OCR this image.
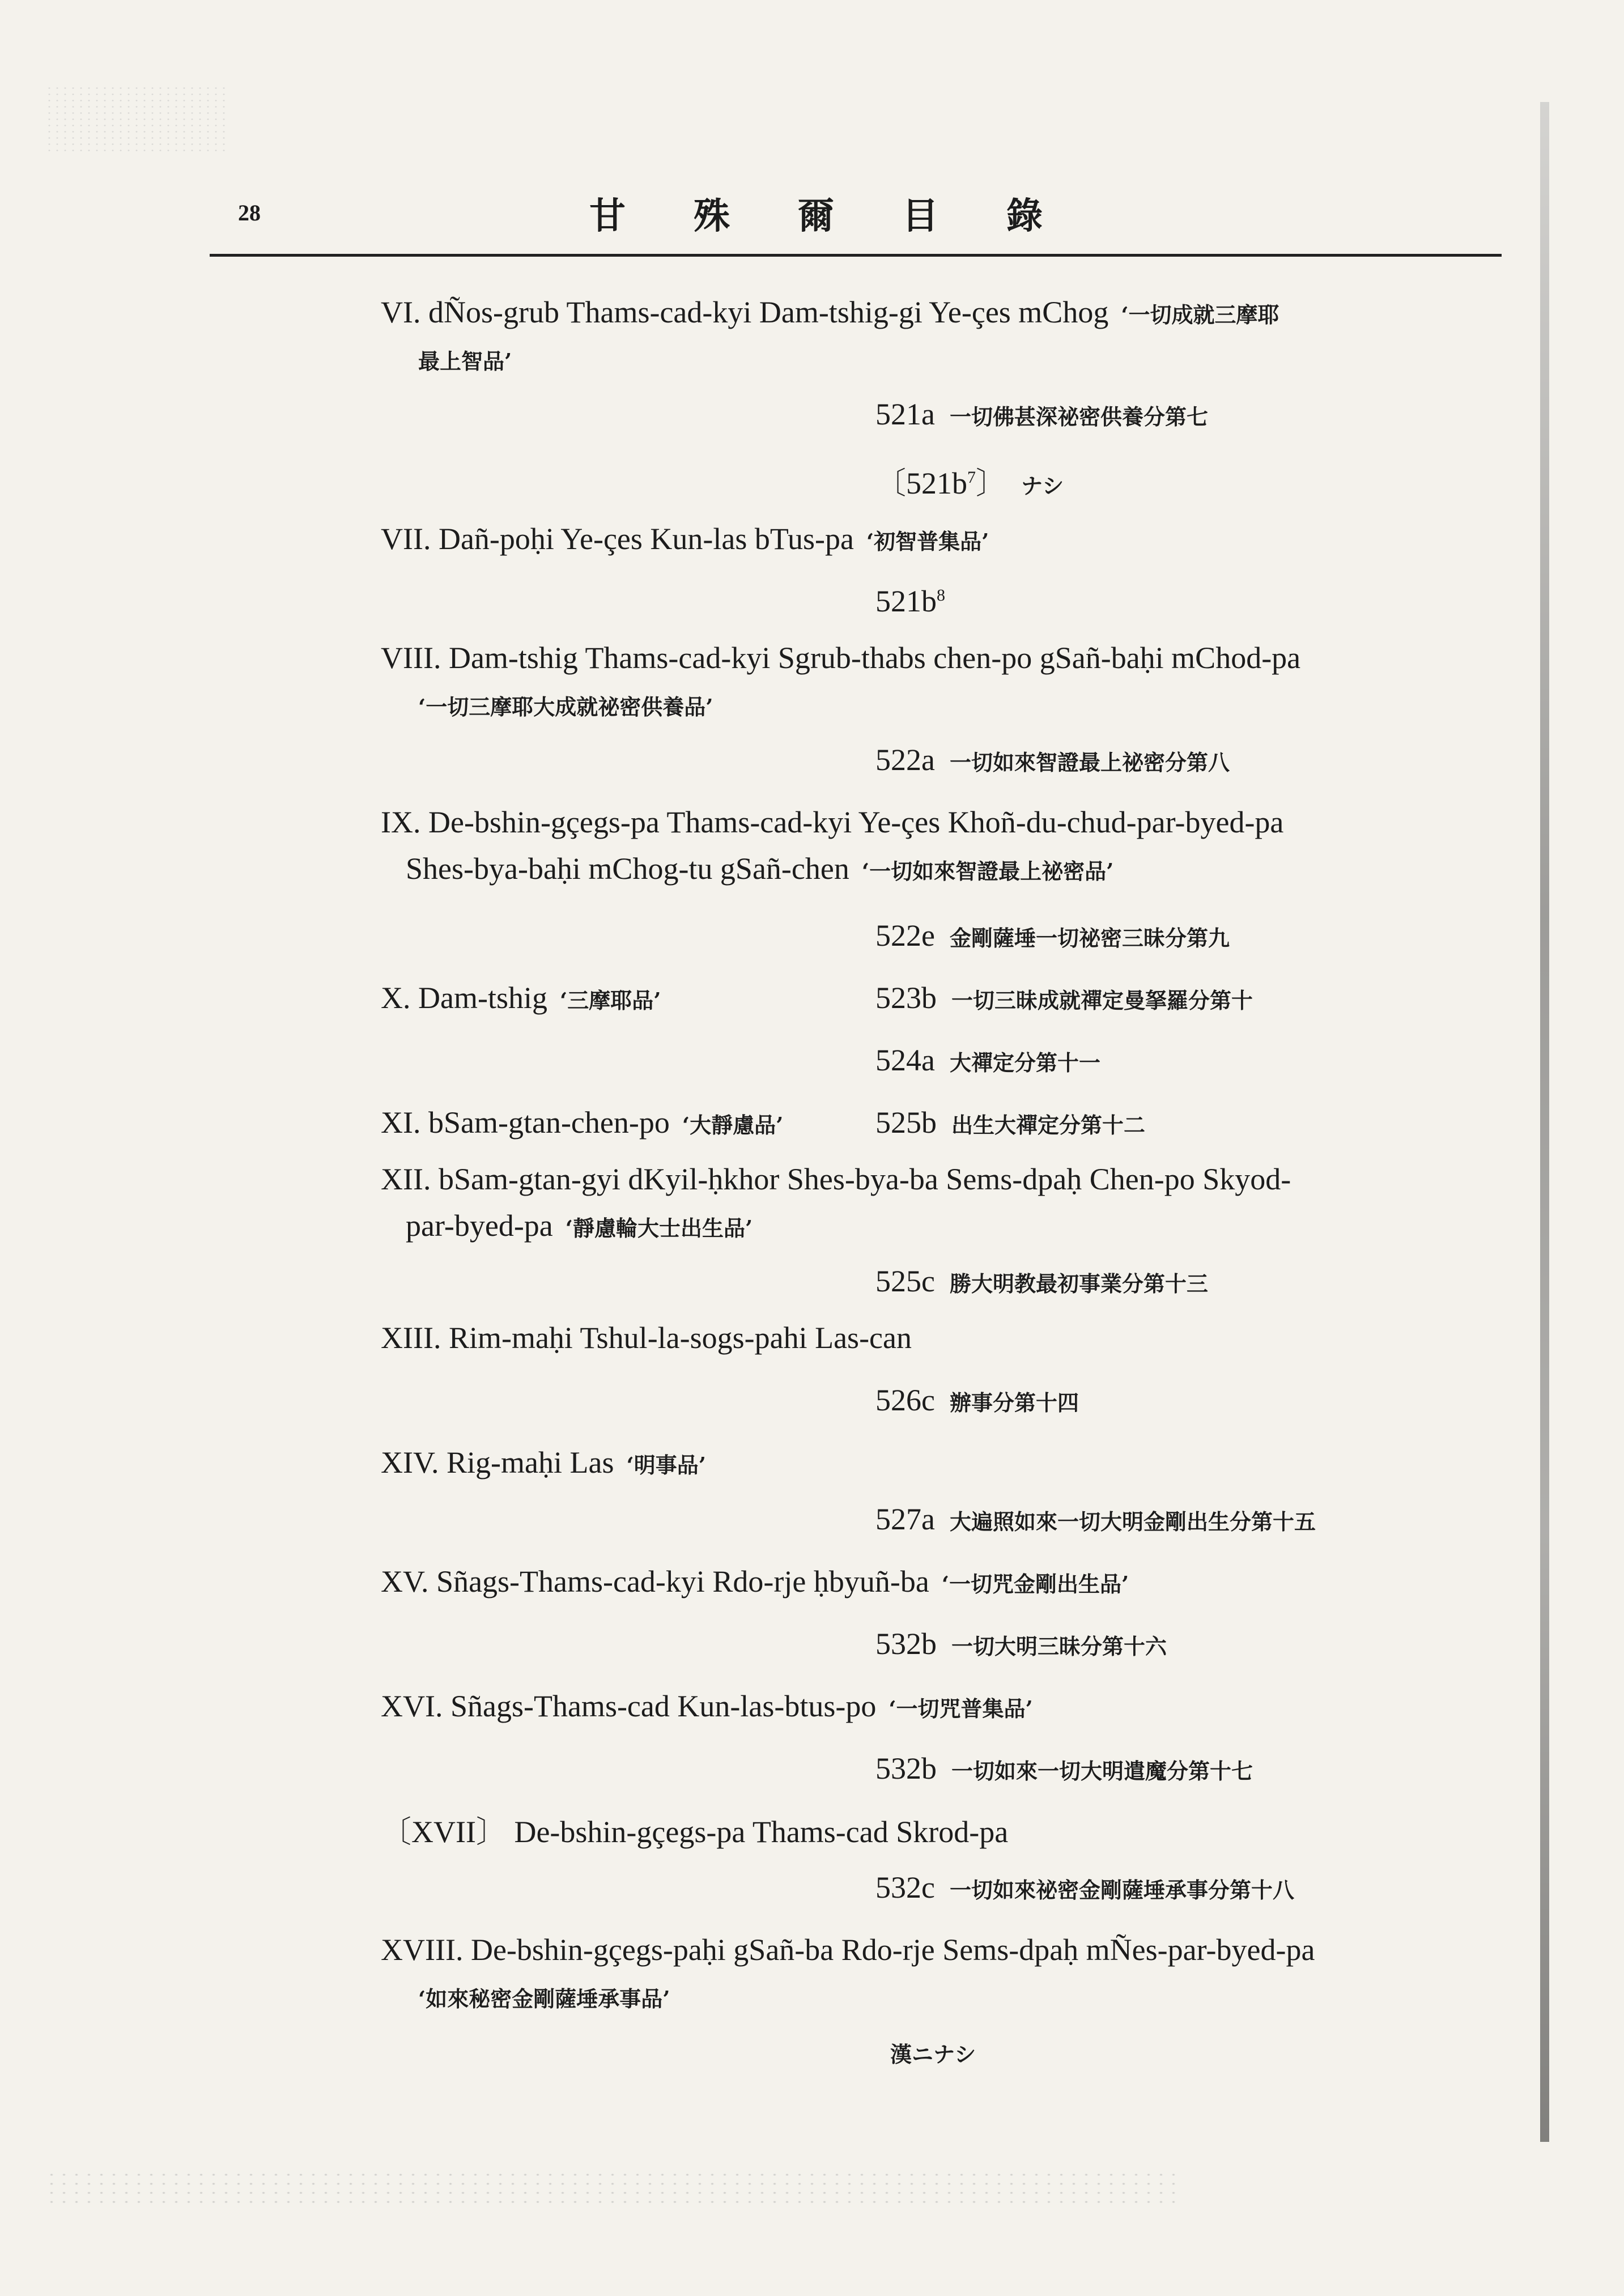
28	甘殊爾目錄
VI. dÑos-grub Thams-cad-kyi Dam-tshig-gi Ye-çes mChog ‘一切成就三摩耶
最上智品’
521a 一切佛甚深祕密供養分第七
〔$521b^7$〕 ナシ
VII. Dañ-poḥi Ye-çes Kun-las bTus-pa ‘初智普集品’
$521b^8$
VIII. Dam-tshig Thams-cad-kyi Sgrub-thabs chen-po gSañ-baḥi mChod-pa
‘一切三摩耶大成就祕密供養品’
522a 一切如來智證最上祕密分第八
IX. De-bshin-gçegs-pa Thams-cad-kyi Ye-çes Khoñ-du-chud-par-byed-pa
Shes-bya-baḥi mChog-tu gSañ-chen ‘一切如來智證最上祕密品’
522e 金剛薩埵一切祕密三昧分第九
X. Dam-tshig ‘三摩耶品’	523b 一切三昧成就禪定曼拏羅分第十
524a 大禪定分第十一
XI. bSam-gtan-chen-po ‘大靜慮品’	525b 出生大禪定分第十二
XII. bSam-gtan-gyi dKyil-ḥkhor Shes-bya-ba Sems-dpaḥ Chen-po Skyod-
par-byed-pa ‘靜慮輪大士出生品’
525c 勝大明教最初事業分第十三
XIII. Rim-maḥi Tshul-la-sogs-pahi Las-can
526c 辦事分第十四
XIV. Rig-maḥi Las ‘明事品’
527a 大遍照如來一切大明金剛出生分第十五
XV. Sñags-Thams-cad-kyi Rdo-rje ḥbyuñ-ba ‘一切咒金剛出生品’
532b 一切大明三昧分第十六
XVI. Sñags-Thams-cad Kun-las-btus-po ‘一切咒普集品’
532b 一切如來一切大明遣魔分第十七
〔XVII〕 De-bshin-gçegs-pa Thams-cad Skrod-pa
532c 一切如來祕密金剛薩埵承事分第十八
XVIII. De-bshin-gçegs-paḥi gSañ-ba Rdo-rje Sems-dpaḥ mÑes-par-byed-pa
‘如來秘密金剛薩埵承事品’
漢ニナシ
